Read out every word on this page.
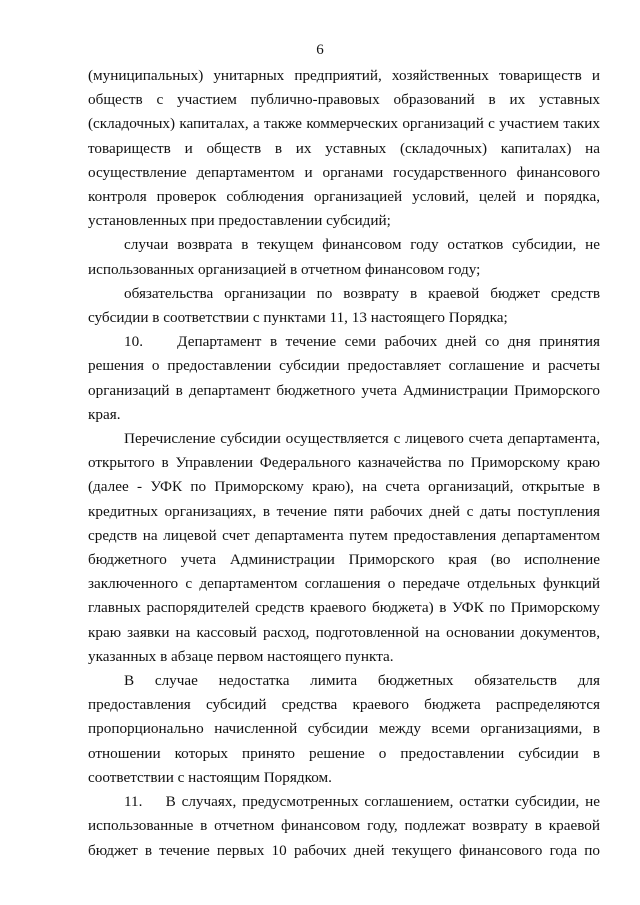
6

(муниципальных) унитарных предприятий, хозяйственных товариществ и обществ с участием публично-правовых образований в их уставных (складочных) капиталах, а также коммерческих организаций с участием таких товариществ и обществ в их уставных (складочных) капиталах) на осуществление департаментом и органами государственного финансового контроля проверок соблюдения организацией условий, целей и порядка, установленных при предоставлении субсидий;

случаи возврата в текущем финансовом году остатков субсидии, не использованных организацией в отчетном финансовом году;

обязательства организации по возврату в краевой бюджет средств субсидии в соответствии с пунктами 11, 13 настоящего Порядка;

10.    Департамент в течение семи рабочих дней со дня принятия решения о предоставлении субсидии предоставляет соглашение и расчеты организаций в департамент бюджетного учета Администрации Приморского края.

Перечисление субсидии осуществляется с лицевого счета департамента, открытого в Управлении Федерального казначейства по Приморскому краю (далее - УФК по Приморскому краю), на счета организаций, открытые в кредитных организациях, в течение пяти рабочих дней с даты поступления средств на лицевой счет департамента путем предоставления департаментом бюджетного учета Администрации Приморского края (во исполнение заключенного с департаментом соглашения о передаче отдельных функций главных распорядителей средств краевого бюджета) в УФК по Приморскому краю заявки на кассовый расход, подготовленной на основании документов, указанных в абзаце первом настоящего пункта.

В случае недостатка лимита бюджетных обязательств для предоставления субсидий средства краевого бюджета распределяются пропорционально начисленной субсидии между всеми организациями, в отношении которых принято решение о предоставлении субсидии в соответствии с настоящим Порядком.

11.    В случаях, предусмотренных соглашением, остатки субсидии, не использованные в отчетном финансовом году, подлежат возврату в краевой бюджет в течение первых 10 рабочих дней текущего финансового года по
